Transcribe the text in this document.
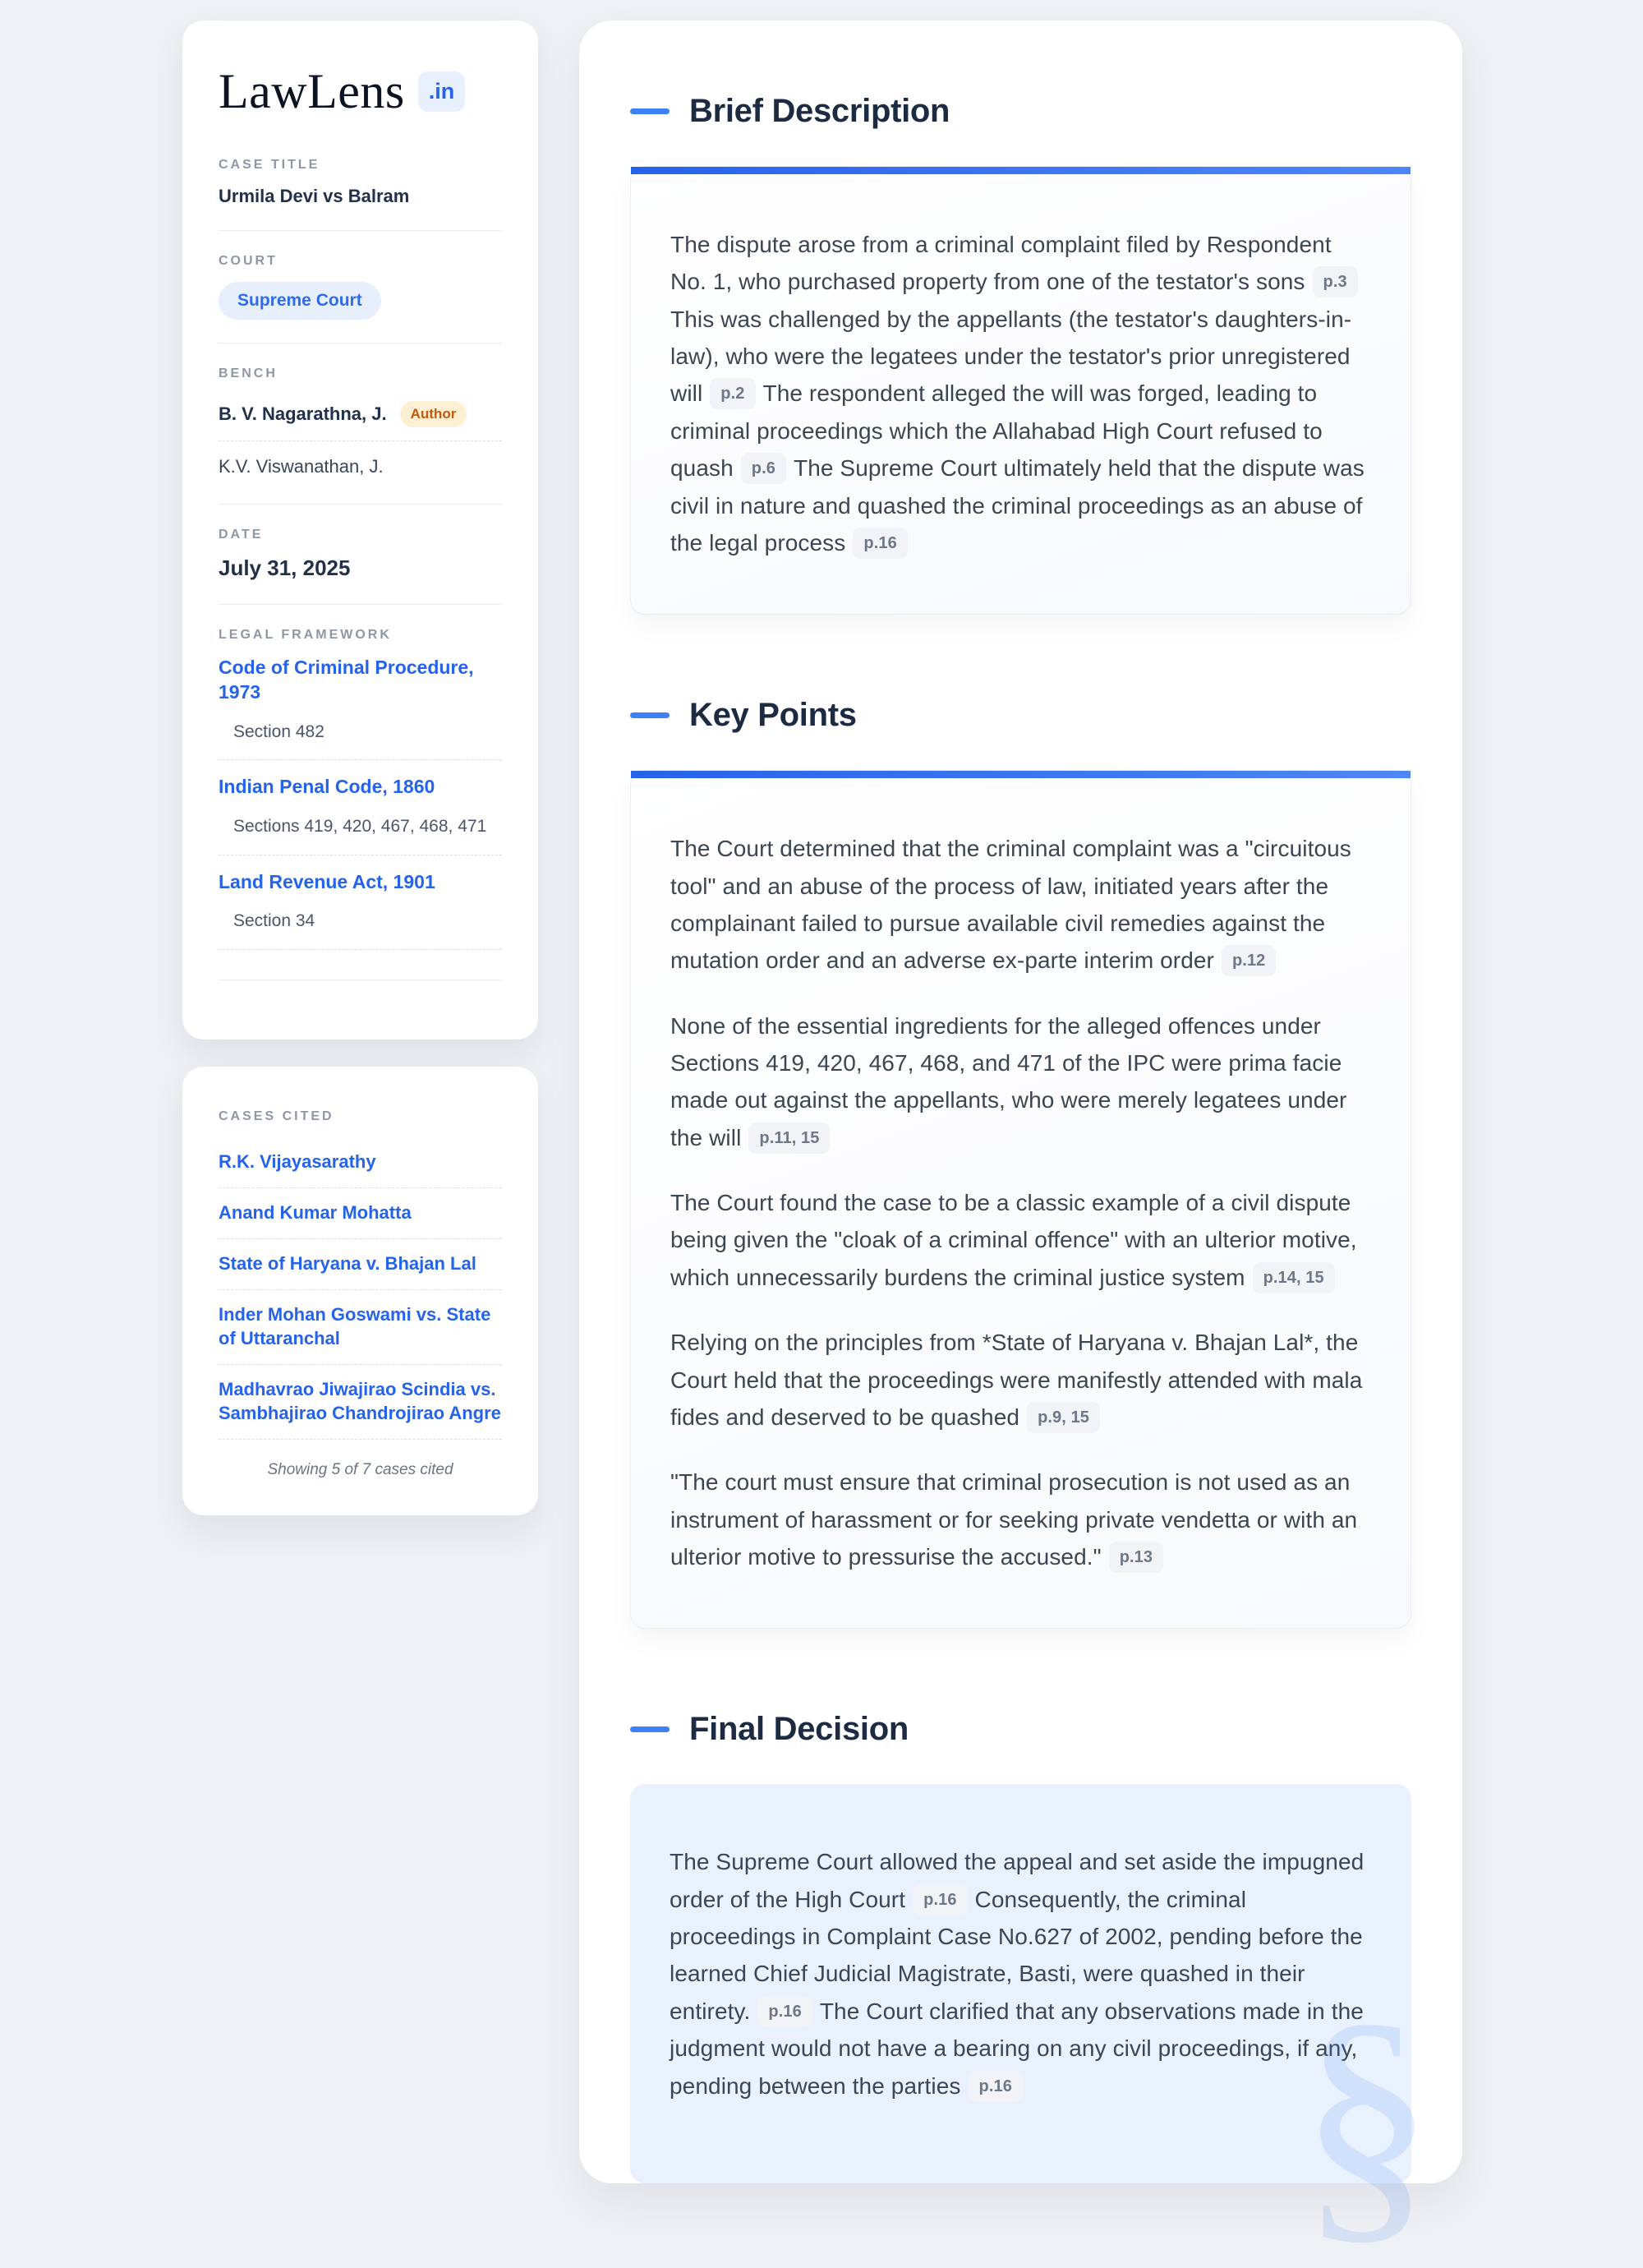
LawLens	.in
CASE TITLE
Urmila Devi vs Balram
COURT
Supreme Court
BENCH
B. V. Nagarathna, J.	Author
K.V. Viswanathan, J.
DATE
July 31, 2025
LEGAL FRAMEWORK
Code of Criminal Procedure, 1973
Section 482
Indian Penal Code, 1860
Sections 419, 420, 467, 468, 471
Land Revenue Act, 1901
Section 34
CASES CITED
R.K. Vijayasarathy
Anand Kumar Mohatta
State of Haryana v. Bhajan Lal
Inder Mohan Goswami vs. State of Uttaranchal
Madhavrao Jiwajirao Scindia vs. Sambhajirao Chandrojirao Angre
Showing 5 of 7 cases cited
Brief Description

The dispute arose from a criminal complaint filed by Respondent No. 1, who purchased property from one of the testator's sons p.3This was challenged by the appellants (the testator's daughters-in-law), who were the legatees under the testator's prior unregistered will p.2 The respondent alleged the will was forged, leading to criminal proceedings which the Allahabad High Court refused to quash p.6 The Supreme Court ultimately held that the dispute was civil in nature and quashed the criminal proceedings as an abuse of the legal process p.16

Key Points

The Court determined that the criminal complaint was a "circuitous tool" and an abuse of the process of law, initiated years after the complainant failed to pursue available civil remedies against the mutation order and an adverse ex-parte interim order p.12

None of the essential ingredients for the alleged offences under Sections 419, 420, 467, 468, and 471 of the IPC were prima facie made out against the appellants, who were merely legatees under the will p.11, 15

The Court found the case to be a classic example of a civil dispute being given the "cloak of a criminal offence" with an ulterior motive, which unnecessarily burdens the criminal justice system p.14, 15

Relying on the principles from *State of Haryana v. Bhajan Lal*, the Court held that the proceedings were manifestly attended with mala fides and deserved to be quashed p.9, 15

"The court must ensure that criminal prosecution is not used as an instrument of harassment or for seeking private vendetta or with an ulterior motive to pressurise the accused." p.13

Final Decision

The Supreme Court allowed the appeal and set aside the impugned order of the High Court p.16 Consequently, the criminal proceedings in Complaint Case No.627 of 2002, pending before the learned Chief Judicial Magistrate, Basti, were quashed in their entirety. p.16 The Court clarified that any observations made in the judgment would not have a bearing on any civil proceedings, if any, pending between the parties p.16	§
